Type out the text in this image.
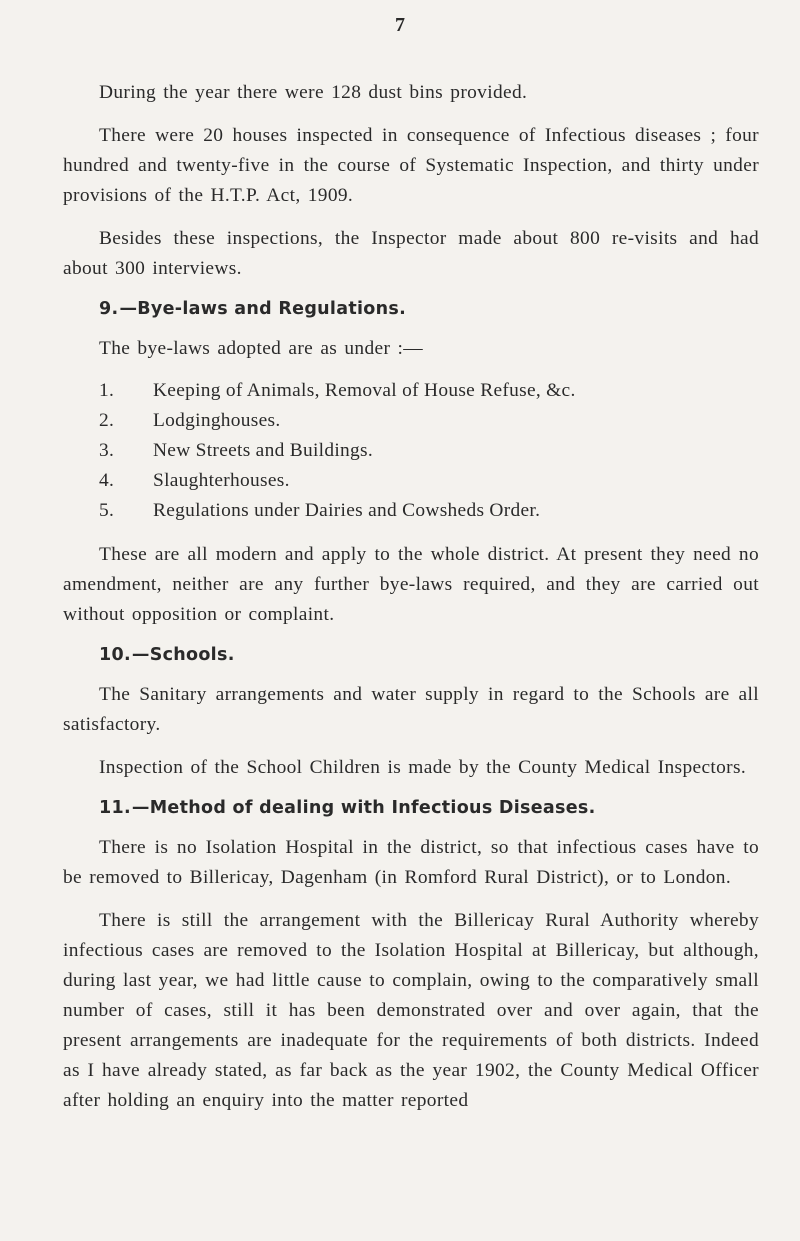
7

During the year there were 128 dust bins provided.

There were 20 houses inspected in consequence of Infectious diseases ; four hundred and twenty-five in the course of Systematic Inspection, and thirty under provisions of the H.T.P. Act, 1909.

Besides these inspections, the Inspector made about 800 re-visits and had about 300 interviews.

9.—Bye-laws and Regulations.

The bye-laws adopted are as under :—

1.	Keeping of Animals, Removal of House Refuse, &c.
2.	Lodginghouses.
3.	New Streets and Buildings.
4.	Slaughterhouses.
5.	Regulations under Dairies and Cowsheds Order.

These are all modern and apply to the whole district. At present they need no amendment, neither are any further bye-laws required, and they are carried out without opposition or complaint.

10.—Schools.

The Sanitary arrangements and water supply in regard to the Schools are all satisfactory.

Inspection of the School Children is made by the County Medical Inspectors.

11.—Method of dealing with Infectious Diseases.

There is no Isolation Hospital in the district, so that infectious cases have to be removed to Billericay, Dagenham (in Romford Rural District), or to London.

There is still the arrangement with the Billericay Rural Authority whereby infectious cases are removed to the Isolation Hospital at Billericay, but although, during last year, we had little cause to complain, owing to the comparatively small number of cases, still it has been demonstrated over and over again, that the present arrangements are inadequate for the requirements of both districts. Indeed as I have already stated, as far back as the year 1902, the County Medical Officer after holding an enquiry into the matter reported
